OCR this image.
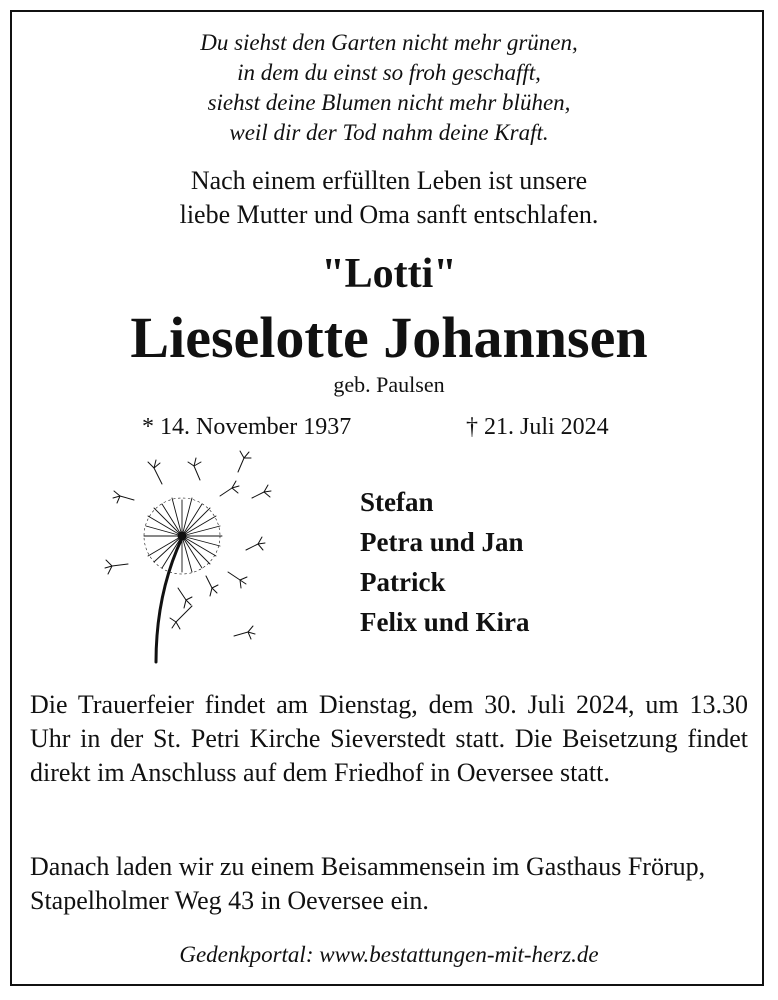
Du siehst den Garten nicht mehr grünen,
in dem du einst so froh geschafft,
siehst deine Blumen nicht mehr blühen,
weil dir der Tod nahm deine Kraft.
Nach einem erfüllten Leben ist unsere
liebe Mutter und Oma sanft entschlafen.
"Lotti"
Lieselotte Johannsen
geb. Paulsen
* 14. November 1937	† 21. Juli 2024
Stefan
Petra und Jan
Patrick
Felix und Kira
Die Trauerfeier findet am Dienstag, dem 30. Juli 2024, um 13.30 Uhr in der St. Petri Kirche Sieverstedt statt. Die Beisetzung findet direkt im Anschluss auf dem Friedhof in Oeversee statt.
Danach laden wir zu einem Beisammensein im Gasthaus Frörup, Stapelholmer Weg 43 in Oeversee ein.
Gedenkportal: www.bestattungen-mit-herz.de
